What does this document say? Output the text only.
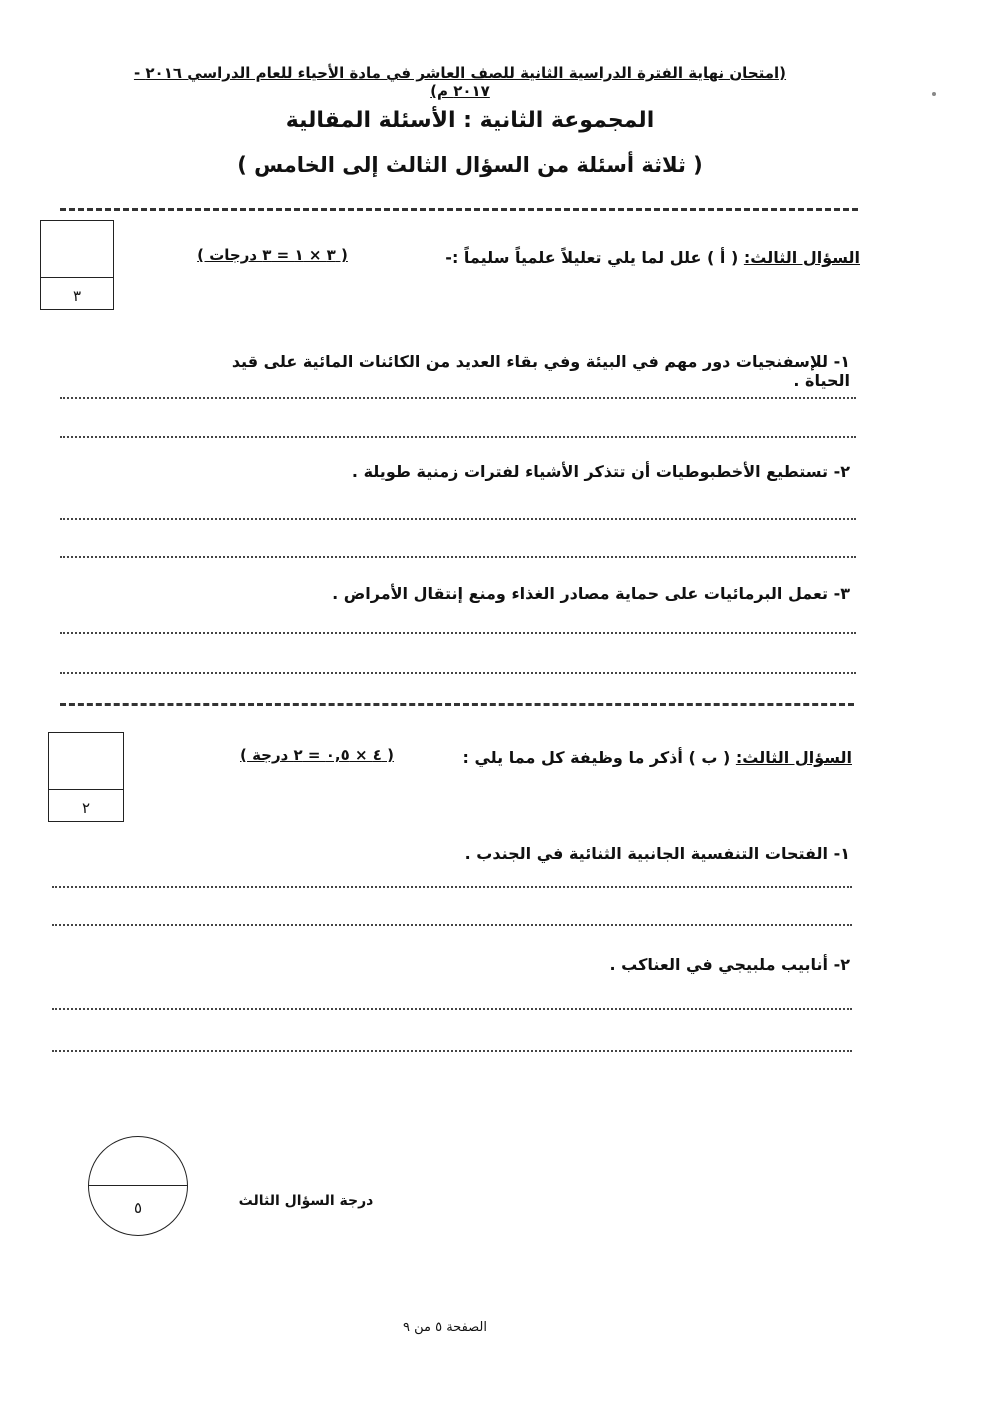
(امتحان نهاية الفترة الدراسية الثانية للصف العاشر في مادة الأحياء للعام الدراسي ٢٠١٦ - ٢٠١٧ م)
المجموعة الثانية : الأسئلة المقالية
( ثلاثة أسئلة من السؤال الثالث إلى الخامس )
٣
السؤال الثالث: ( أ ) علل لما يلي تعليلاً علمياً سليماً :-
( ٣ × ١ = ٣ درجات )
١- للإسفنجيات دور مهم في البيئة وفي بقاء العديد من الكائنات المائية على قيد الحياة .
٢- تستطيع الأخطبوطيات أن تتذكر الأشياء لفترات زمنية طويلة .
٣- تعمل البرمائيات على حماية مصادر الغذاء ومنع إنتقال الأمراض .
٢
السؤال الثالث: ( ب ) أذكر ما وظيفة كل مما يلي :
( ٤ × ٠,٥ = ٢ درجة )
١- الفتحات التنفسية الجانبية الثنائية في الجندب .
٢- أنابيب ملبيجي في العناكب .
٥	درجة السؤال الثالث
الصفحة ٥ من ٩
